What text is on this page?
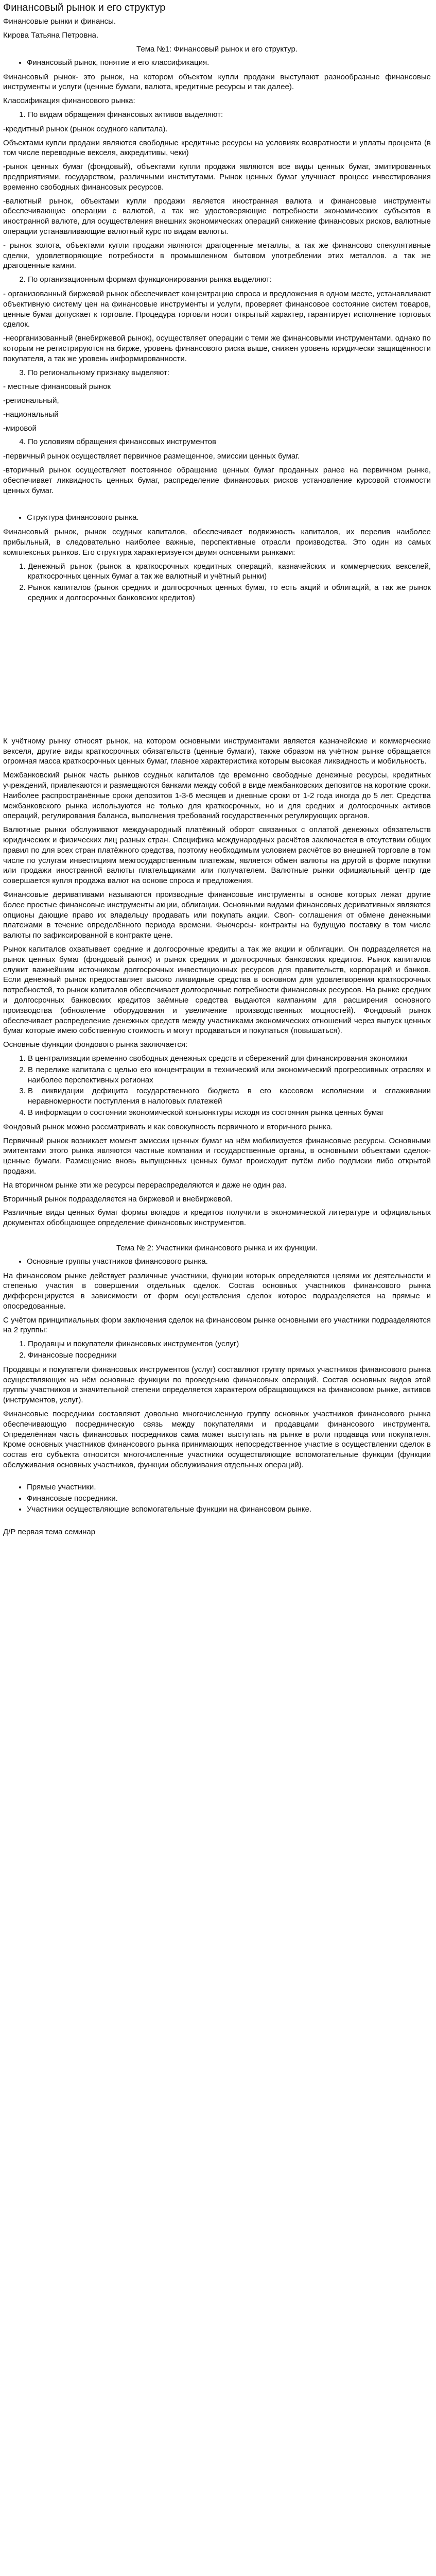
Финансовый рынок и его структур
Финансовые рынки и финансы.
Кирова Татьяна Петровна.
Тема №1: Финансовый рынок и его структур.
• Финансовый рынок, понятие и его классификация.

Финансовый рынок- это рынок, на котором объектом купли продажи выступают разнообразные финансовые инструменты и услуги (ценные бумаги, валюта, кредитные ресурсы и так далее).

Классификация финансового рынка:
1. По видам обращения финансовых активов выделяют:
-кредитный рынок (рынок ссудного капитала).

Объектами купли продажи являются свободные кредитные ресурсы на условиях возвратности и уплаты процента (в том числе переводные векселя, аккредитивы, чеки)

-рынок ценных бумаг (фондовый), объектами купли продажи являются все виды ценных бумаг, эмитированных предприятиями, государством, различными институтами. Рынок ценных бумаг улучшает процесс инвестирования временно свободных финансовых ресурсов.

-валютный рынок, объектами купли продажи является иностранная валюта и финансовые инструменты обеспечивающие операции с валютой, а так же удостоверяющие потребности экономических субъектов в иностранной валюте, для осуществления внешних экономических операций снижение финансовых рисков, валютные операции устанавливающие валютный курс по видам валюты.

- рынок золота, объектами купли продажи являются драгоценные металлы, а так же финансово спекулятивные сделки, удовлетворяющие потребности в промышленном бытовом употреблении этих металлов. а так же драгоценные камни.

2. По организационным формам функционирования рынка выделяют:

- организованный биржевой рынок обеспечивает концентрацию спроса и предложения в одном месте, устанавливают объективную систему цен на финансовые инструменты и услуги, проверяет финансовое состояние систем товаров, ценные бумаг допускает к торговле. Процедура торговли носит открытый характер, гарантирует исполнение торговых сделок.

-неорганизованный (внебиржевой рынок), осуществляет операции с теми же финансовыми инструментами, однако по которым не регистрируются на бирже, уровень финансового риска выше, снижен уровень юридически защищённости покупателя, а так же уровень информированности.

3. По региональному признаку выделяют:
- местные финансовый рынок
-региональный,
-национальный
-мировой
4. По условиям обращения финансовых инструментов

-первичный рынок осуществляет первичное размещенное, эмиссии ценных бумаг.

-вторичный рынок осуществляет постоянное обращение ценных бумаг проданных ранее на первичном рынке, обеспечивает ликвидность ценных бумаг, распределение финансовых рисков установление курсовой стоимости ценных бумаг.

• Структура финансового рынка.

Финансовый рынок, рынок ссудных капиталов, обеспечивает подвижность капиталов, их перелив наиболее прибыльный, в следовательно наиболее важные, перспективные отрасли производства. Это один из самых комплексных рынков. Его структура характеризуется двумя основными рынками:

1. Денежный рынок (рынок а краткосрочных кредитных операций, казначейских и коммерческих векселей, краткосрочных ценных бумаг а так же валютный и учётный рынки)
2. Рынок капиталов (рынок средних и долгосрочных ценных бумаг, то есть акций и облигаций, а так же рынок средних и долгосрочных банковских кредитов)

К учётному рынку относят рынок, на котором основными инструментами является казначейские и коммерческие векселя, другие виды краткосрочных обязательств (ценные бумаги), также образом на учётном рынке обращается огромная масса краткосрочных ценных бумаг, главное характеристика которым высокая ликвидность и мобильность.

Межбанковский рынок часть рынков ссудных капиталов где временно свободные денежные ресурсы, кредитных учреждений, привлекаются и размещаются банками между собой в виде межбанковских депозитов на короткие сроки. Наиболее распространённые сроки депозитов 1-3-6 месяцев и дневные сроки от 1-2 года иногда до 5 лет. Средства межбанковского рынка используются не только для краткосрочных, но и для средних и долгосрочных активов операций, регулирования баланса, выполнения требований государственных регулирующих органов.

Валютные рынки обслуживают международный платёжный оборот связанных с оплатой денежных обязательств юридических и физических лиц разных стран. Специфика международных расчётов заключается в отсутствии общих правил по для всех стран платёжного средства, поэтому необходимым условием расчётов во внешней торговле в том числе по услугам инвестициям межгосударственным платежам, является обмен валюты на другой в форме покупки или продажи иностранной валюты плательщиками или получателем. Валютные рынки официальный центр где совершается купля продажа валют на основе спроса и предложения.

Финансовые деривативами называются производные финансовые инструменты в основе которых лежат другие более простые финансовые инструменты акции, облигации. Основными видами финансовых деривативных являются опционы дающие право их владельцу продавать или покупать акции. Своп- соглашения от обмене денежными платежами в течение определённого периода времени. Фьючерсы- контракты на будущую поставку в том числе валюты по зафиксированной в контракте цене.

Рынок капиталов охватывает средние и долгосрочные кредиты а так же акции и облигации. Он подразделяется на рынок ценных бумаг (фондовый рынок) и рынок средних и долгосрочных банковских кредитов. Рынок капиталов служит важнейшим источником долгосрочных инвестиционных ресурсов для правительств, корпораций и банков. Если денежный рынок предоставляет высоко ликвидные средства в основном для удовлетворения краткосрочных потребностей, то рынок капиталов обеспечивает долгосрочные потребности финансовых ресурсов. На рынке средних и долгосрочных банковских кредитов заёмные средства выдаются кампаниям для расширения основного производства (обновление оборудования и увеличение производственных мощностей). Фондовый рынок обеспечивает распределение денежных средств между участниками экономических отношений через выпуск ценных бумаг которые имею собственную стоимость и могут продаваться и покупаться (повышаться).

Основные функции фондового рынка заключается:
1. В централизации временно свободных денежных средств и сбережений для финансирования экономики
2. В перелике капитала с целью его концентрации в технический или экономический прогрессивных отраслях и наиболее перспективных регионах
3. В ликвидации дефицита государственного бюджета в его кассовом исполнении и сглаживании неравномерности поступления в налоговых платежей
4. В информации о состоянии экономической конъюнктуры исходя из состояния рынка ценных бумаг

Фондовый рынок можно рассматривать и как совокупность первичного и вторичного рынка.

Первичный рынок возникает момент эмиссии ценных бумаг на нём мобилизуется финансовые ресурсы. Основными эмитентами этого рынка являются частные компании и государственные органы, в основными объектами сделок- ценные бумаги. Размещение вновь выпущенных ценных бумаг происходит путём либо подписки либо открытой продажи.

На вторичном рынке эти же ресурсы перераспределяются и даже не один раз.

Вторичный рынок подразделяется на биржевой и внебиржевой.

Различные виды ценных бумаг формы вкладов и кредитов получили в экономической литературе и официальных документах обобщающее определение финансовых инструментов.

Тема № 2: Участники финансового рынка и их функции.
• Основные группы участников финансового рынка.

На финансовом рынке действует различные участники, функции которых определяются целями их деятельности и степенью участия в совершении отдельных сделок. Состав основных участников финансового рынка дифференцируется в зависимости от форм осуществления сделок которое подразделяется на прямые и опосредованные.

С учётом принципиальных форм заключения сделок на финансовом рынке основными его участники подразделяются на 2 группы:

1. Продавцы и покупатели финансовых инструментов (услуг)
2. Финансовые посредники

Продавцы и покупатели финансовых инструментов (услуг) составляют группу прямых участников финансового рынка осуществляющих на нём основные функции по проведению финансовых операций. Состав основных видов этой группы участников и значительной степени определяется характером обращающихся на финансовом рынке, активов (инструментов, услуг).

Финансовые посредники составляют довольно многочисленную группу основных участников финансового рынка обеспечивающую посредническую связь между покупателями и продавцами финансового инструмента. Определённая часть финансовых посредников сама может выступать на рынке в роли продавца или покупателя. Кроме основных участников финансового рынка принимающих непосредственное участие в осуществлении сделок в состав его субъекта относится многочисленные участники осуществляющие вспомогательные функции (функции обслуживания основных участников, функции обслуживания отдельных операций).

• Прямые участники.
• Финансовые посредники.
• Участники осуществляющие вспомогательные функции на финансовом рынке.
Д/Р первая тема семинар
